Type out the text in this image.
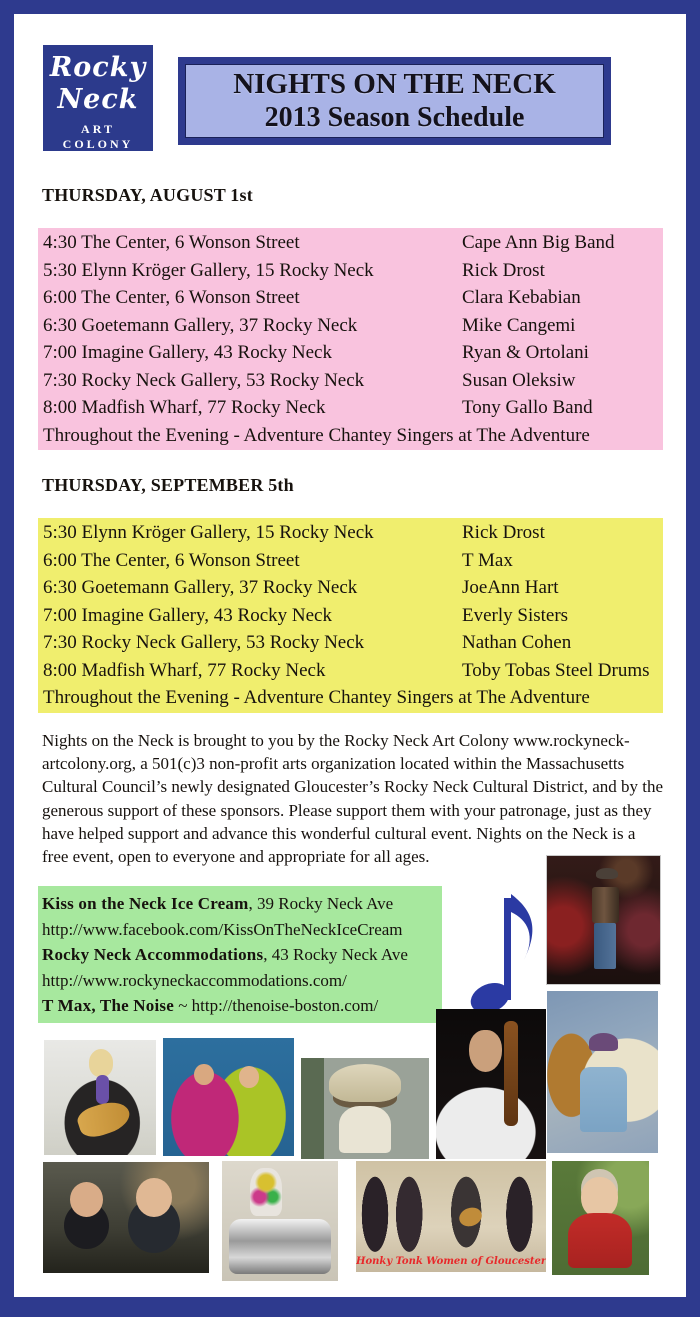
Rocky
Neck
ART COLONY
NIGHTS ON THE NECK
2013 Season Schedule
THURSDAY, AUGUST 1st
4:30 The Center, 6 Wonson Street	Cape Ann Big Band
5:30 Elynn Kröger Gallery, 15 Rocky Neck	Rick Drost
6:00 The Center, 6 Wonson Street	Clara Kebabian
6:30 Goetemann Gallery, 37 Rocky Neck	Mike Cangemi
7:00 Imagine Gallery, 43 Rocky Neck	Ryan & Ortolani
7:30 Rocky Neck Gallery, 53 Rocky Neck	Susan Oleksiw
8:00 Madfish Wharf, 77 Rocky Neck	Tony Gallo Band
Throughout the Evening - Adventure Chantey Singers at The Adventure
THURSDAY, SEPTEMBER 5th
5:30 Elynn Kröger Gallery, 15 Rocky Neck	Rick Drost
6:00 The Center, 6 Wonson Street	T Max
6:30 Goetemann Gallery, 37 Rocky Neck	JoeAnn Hart
7:00 Imagine Gallery, 43 Rocky Neck	Everly Sisters
7:30 Rocky Neck Gallery, 53 Rocky Neck	Nathan Cohen
8:00 Madfish Wharf, 77 Rocky Neck	Toby Tobas Steel Drums
Throughout the Evening - Adventure Chantey Singers at The Adventure

Nights on the Neck is brought to you by the Rocky Neck Art Colony www.rockyneck-artcolony.org, a 501(c)3 non-profit arts organization located within the Massachusetts Cultural Council’s newly designated Gloucester’s Rocky Neck Cultural District, and by the generous support of these sponsors. Please support them with your patronage, just as they have helped support and advance this wonderful cultural event. Nights on the Neck is a free event, open to everyone and appropriate for all ages.

Kiss on the Neck Ice Cream, 39 Rocky Neck Ave
http://www.facebook.com/KissOnTheNeckIceCream
Rocky Neck Accommodations, 43 Rocky Neck Ave
http://www.rockyneckaccommodations.com/
T Max, The Noise ~ http://thenoise-boston.com/
Honky Tonk Women of Gloucester
